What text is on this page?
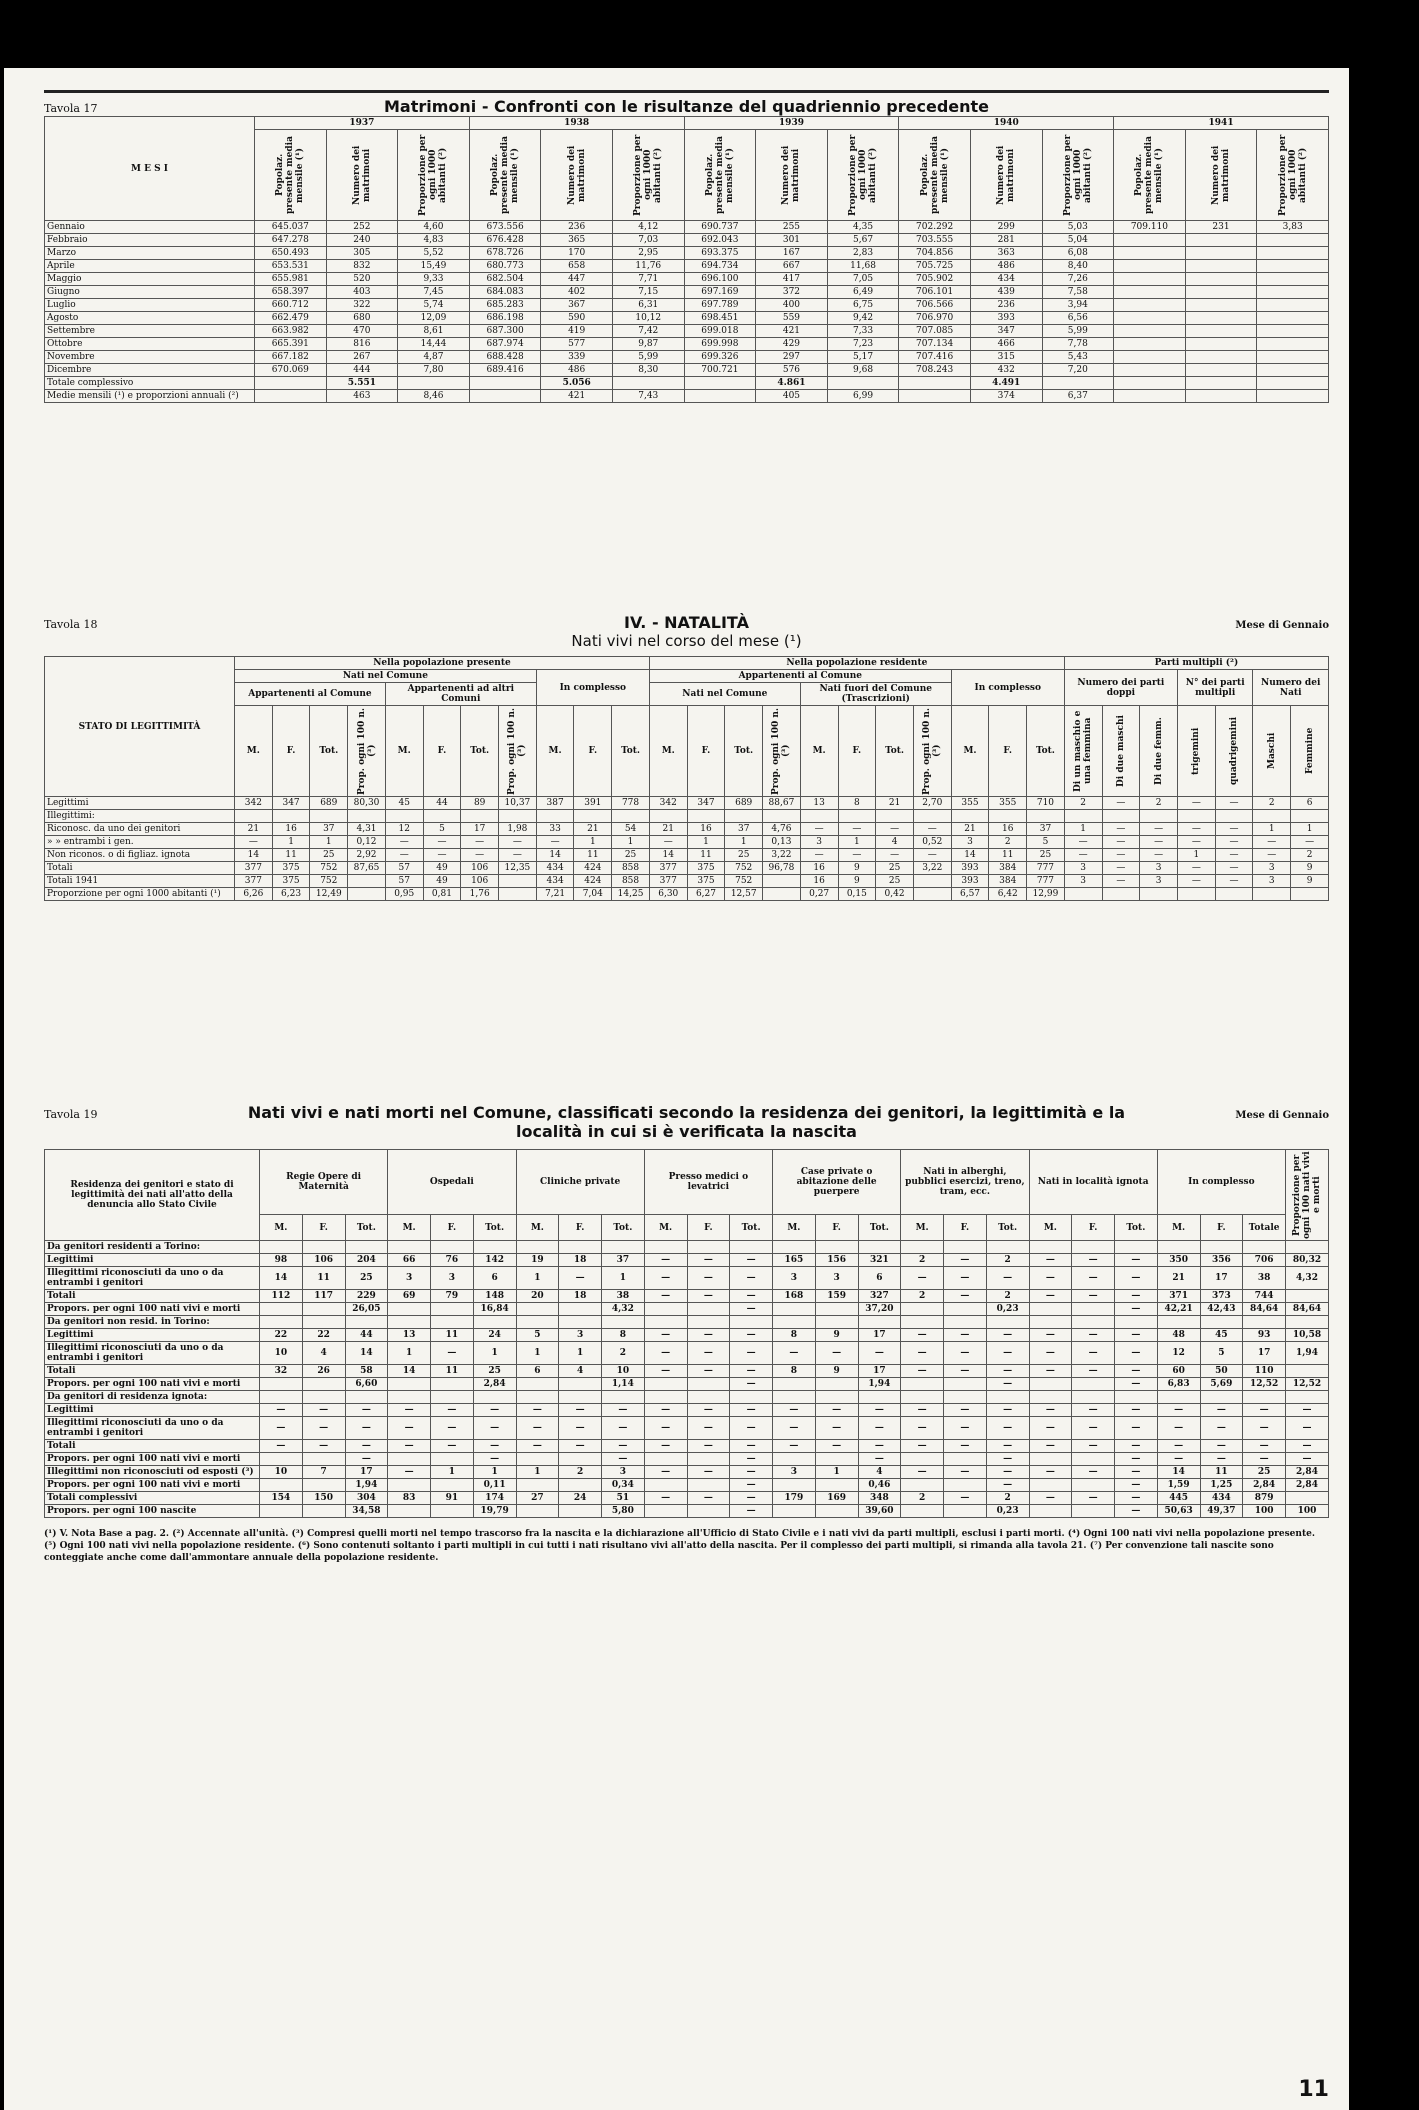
Tavola 17	Matrimoni - Confronti con le risultanze del quadriennio precedente
M E S I	1937			1938			1939			1940			1941		

	Popolaz. presente media mensile (¹)	Numero dei matrimoni	Proporzione per ogni 1000 abitanti (²)	Popolaz. presente media mensile (¹)	Numero dei matrimoni	Proporzione per ogni 1000 abitanti (²)	Popolaz. presente media mensile (¹)	Numero dei matrimoni	Proporzione per ogni 1000 abitanti (²)	Popolaz. presente media mensile (¹)	Numero dei matrimoni	Proporzione per ogni 1000 abitanti (²)	Popolaz. presente media mensile (¹)	Numero dei matrimoni	Proporzione per ogni 1000 abitanti (²)

Gennaio	645.037	252	4,60	673.556	236	4,12	690.737	255	4,35	702.292	299	5,03	709.110	231	3,83
Febbraio	647.278	240	4,83	676.428	365	7,03	692.043	301	5,67	703.555	281	5,04			
Marzo	650.493	305	5,52	678.726	170	2,95	693.375	167	2,83	704.856	363	6,08			
Aprile	653.531	832	15,49	680.773	658	11,76	694.734	667	11,68	705.725	486	8,40			
Maggio	655.981	520	9,33	682.504	447	7,71	696.100	417	7,05	705.902	434	7,26			
Giugno	658.397	403	7,45	684.083	402	7,15	697.169	372	6,49	706.101	439	7,58			
Luglio	660.712	322	5,74	685.283	367	6,31	697.789	400	6,75	706.566	236	3,94			
Agosto	662.479	680	12,09	686.198	590	10,12	698.451	559	9,42	706.970	393	6,56			
Settembre	663.982	470	8,61	687.300	419	7,42	699.018	421	7,33	707.085	347	5,99			
Ottobre	665.391	816	14,44	687.974	577	9,87	699.998	429	7,23	707.134	466	7,78			
Novembre	667.182	267	4,87	688.428	339	5,99	699.326	297	5,17	707.416	315	5,43			
Dicembre	670.069	444	7,80	689.416	486	8,30	700.721	576	9,68	708.243	432	7,20			
Totale complessivo		5.551			5.056			4.861			4.491				
Medie mensili (¹) e proporzioni annuali (²)		463	8,46		421	7,43		405	6,99		374	6,37			
Tavola 18	IV. - NATALITÀ
Nati vivi nel corso del mese (¹)
Mese di Gennaio
STATO DI LEGITTIMITÀ	Nella popolazione presente											Nella popolazione residente											Parti multipli (²)						
	Nati nel Comune								In complesso			Appartenenti al Comune								In complesso			Numero dei parti doppi			N° dei parti multipli		Numero dei Nati	
	Appartenenti al Comune				Appartenenti ad altri Comuni							Nati nel Comune				Nati fuori del Comune (Trascrizioni)													
	M.	F.	Tot.	Prop. ogni 100 n. (³)	M.	F.	Tot.	Prop. ogni 100 n. (³)	M.	F.	Tot.	M.	F.	Tot.	Prop. ogni 100 n. (³)	M.	F.	Tot.	Prop. ogni 100 n. (³)	M.	F.	Tot.	Di un maschio e una femmina	Di due maschi	Di due femm.	trigemini	quadrigemini	Maschi	Femmine

Legittimi	342	347	689	80,30	45	44	89	10,37	387	391	778	342	347	689	88,67	13	8	21	2,70	355	355	710	2	—	2	—	—	2	6
Illegittimi:																													
Riconosc. da uno dei genitori	21	16	37	4,31	12	5	17	1,98	33	21	54	21	16	37	4,76	—	—	—	—	21	16	37	1	—	—	—	—	1	1
» » entrambi i gen.	—	1	1	0,12	—	—	—	—	—	1	1	—	1	1	0,13	3	1	4	0,52	3	2	5	—	—	—	—	—	—	—
Non riconos. o di figliaz. ignota	14	11	25	2,92	—	—	—	—	14	11	25	14	11	25	3,22	—	—	—	—	14	11	25	—	—	—	1	—	—	2
Totali	377	375	752	87,65	57	49	106	12,35	434	424	858	377	375	752	96,78	16	9	25	3,22	393	384	777	3	—	3	—	—	3	9
Totali 1941	377	375	752		57	49	106		434	424	858	377	375	752		16	9	25		393	384	777	3	—	3	—	—	3	9
Proporzione per ogni 1000 abitanti (¹)	6,26	6,23	12,49		0,95	0,81	1,76		7,21	7,04	14,25	6,30	6,27	12,57		0,27	0,15	0,42		6,57	6,42	12,99							
Tavola 19	Nati vivi e nati morti nel Comune, classificati secondo la residenza dei genitori, la legittimità e la località in cui si è verificata la nascita
Mese di Gennaio
Residenza dei genitori e stato di legittimità dei nati all'atto della denuncia allo Stato Civile	Regie Opere di Maternità			Ospedali			Cliniche private			Presso medici o levatrici			Case private o abitazione delle puerpere			Nati in alberghi, pubblici esercizi, treno, tram, ecc.			Nati in località ignota			In complesso			Proporzione per ogni 100 nati vivi e morti

	M.	F.	Tot.	M.	F.	Tot.	M.	F.	Tot.	M.	F.	Tot.	M.	F.	Tot.	M.	F.	Tot.	M.	F.	Tot.	M.	F.	Totale	
Da genitori residenti a Torino:																									
Legittimi	98	106	204	66	76	142	19	18	37	—	—	—	165	156	321	2	—	2	—	—	—	350	356	706	80,32
Illegittimi riconosciuti da uno o da entrambi i genitori	14	11	25	3	3	6	1	—	1	—	—	—	3	3	6	—	—	—	—	—	—	21	17	38	4,32
Totali	112	117	229	69	79	148	20	18	38	—	—	—	168	159	327	2	—	2	—	—	—	371	373	744	
Propors. per ogni 100 nati vivi e morti			26,05			16,84			4,32			—			37,20			0,23			—	42,21	42,43	84,64	84,64
Da genitori non resid. in Torino:																									
Legittimi	22	22	44	13	11	24	5	3	8	—	—	—	8	9	17	—	—	—	—	—	—	48	45	93	10,58
Illegittimi riconosciuti da uno o da entrambi i genitori	10	4	14	1	—	1	1	1	2	—	—	—	—	—	—	—	—	—	—	—	—	12	5	17	1,94
Totali	32	26	58	14	11	25	6	4	10	—	—	—	8	9	17	—	—	—	—	—	—	60	50	110	
Propors. per ogni 100 nati vivi e morti			6,60			2,84			1,14			—			1,94			—			—	6,83	5,69	12,52	12,52
Da genitori di residenza ignota:																									
Legittimi	—	—	—	—	—	—	—	—	—	—	—	—	—	—	—	—	—	—	—	—	—	—	—	—	—
Illegittimi riconosciuti da uno o da entrambi i genitori	—	—	—	—	—	—	—	—	—	—	—	—	—	—	—	—	—	—	—	—	—	—	—	—	—
Totali	—	—	—	—	—	—	—	—	—	—	—	—	—	—	—	—	—	—	—	—	—	—	—	—	—
Propors. per ogni 100 nati vivi e morti			—			—			—			—			—			—			—	—	—	—	—
Illegittimi non riconosciuti od esposti (³)	10	7	17	—	1	1	1	2	3	—	—	—	3	1	4	—	—	—	—	—	—	14	11	25	2,84
Propors. per ogni 100 nati vivi e morti			1,94			0,11			0,34			—			0,46			—			—	1,59	1,25	2,84	2,84
Totali complessivi	154	150	304	83	91	174	27	24	51	—	—	—	179	169	348	2	—	2	—	—	—	445	434	879	
Propors. per ogni 100 nascite			34,58			19,79			5,80			—			39,60			0,23			—	50,63	49,37	100	100
(¹) V. Nota Base a pag. 2. (²) Accennate all'unità. (³) Compresi quelli morti nel tempo trascorso fra la nascita e la dichiarazione all'Ufficio di Stato Civile e i nati vivi da parti multipli, esclusi i parti morti. (⁴) Ogni 100 nati vivi nella popolazione presente. (⁵) Ogni 100 nati vivi nella popolazione residente. (⁶) Sono contenuti soltanto i parti multipli in cui tutti i nati risultano vivi all'atto della nascita. Per il complesso dei parti multipli, si rimanda alla tavola 21. (⁷) Per convenzione tali nascite sono conteggiate anche come dall'ammontare annuale della popolazione residente.
11
